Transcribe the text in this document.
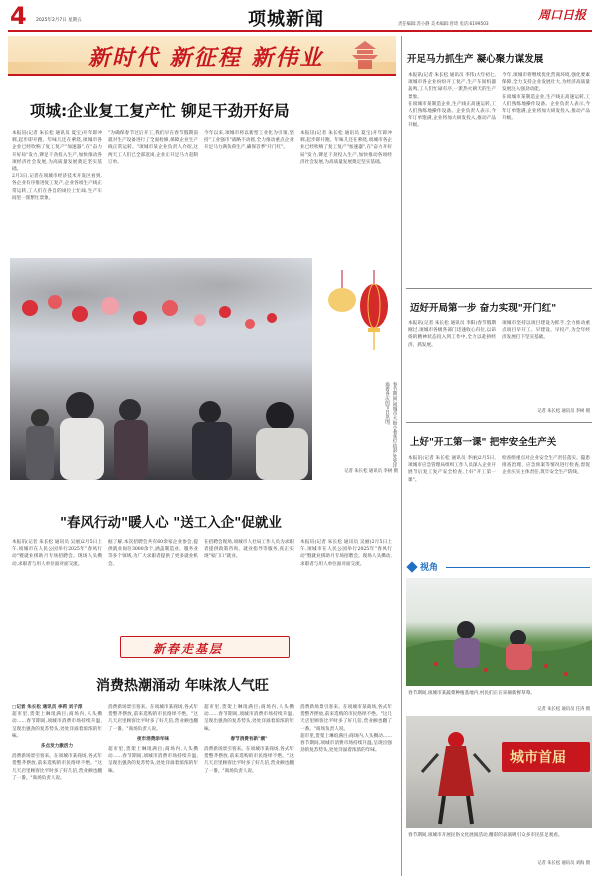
4 2025年2月7日 星期五	项城新闻	责任编辑:苏小静 美术编辑:曾琦 电话:6199503
周口日报
新时代 新征程 新伟业
项城:企业复工复产忙 铆足干劲开好局

本报讯(记者 朱长松 通讯员 夏宝)开年即冲刺,起步即开跑。年味儿还在萦绕,项城市各企业已经吹响了复工复产"加速器",在"奋力开好局"发力,铆足干劲投入生产,加快推动各项经济社会发展,为高质量发展奠定坚实基础。

2月3日,记者在项城市经济技术开发区看到,各企业有序推进复工复产,企业各项生产线正常运转,工人们在各自的岗位上忙碌,生产车间里一派繁忙景象。

"为确保春节过后开工,我们早在春节假期前就对生产设备进行了全面检修,保障企业生产线正常运转。"项城市某企业负责人介绍,这两天工人们已全部返岗,企业正开足马力赶制订单。

今年以来,项城市将以新型工业化为引领,坚持"工业强市"战略不动摇,全力推动重点企业开足马力满负荷生产,确保首季"开门红"。

本报讯(记者 朱长松 通讯员 夏宝)开年即冲刺,起步即开跑。年味儿还在萦绕,项城市各企业已经吹响了复工复产"加速器",在"奋力开好局"发力,铆足干劲投入生产,加快推动各项经济社会发展,为高质量发展奠定坚实基础。

春节期间,项城市大街小巷张灯结彩,处处洋溢着喜庆的节日氛围。
记者 朱长松 通讯员 李树 摄
"春风行动"暖人心 "送工入企"促就业

本报讯(记者 朱长松 通讯员 吴丽)2月5日上午,项城市在人民公园举行2025年"春风行动"暨就业援助月专场招聘会。现场人头攒动,求职者与用人单位面对面交流。

据了解,本次招聘会共有60余家企业参会,提供就业岗位3000余个,涵盖制造业、服务业等多个领域,为广大求职者提供了更多就业机会。

在招聘会现场,项城市人社局工作人员为求职者提供政策咨询、就业指导等服务,真正实现"家门口"就业。

本报讯(记者 朱长松 通讯员 吴丽)2月5日上午,项城市在人民公园举行2025年"春风行动"暨就业援助月专场招聘会。现场人头攒动,求职者与用人单位面对面交流。

新春走基层
消费热潮涌动 年味浓人气旺

□记者 朱长松 通讯员 李莉 刘子淳

超市里,货架上琳琅满目;商场内,人头攒动……春节期间,项城市消费市场持续升温,呈现出强劲的复苏势头,处处洋溢着浓浓的年味。

多点发力激活力

消费新场景引客来。在项城市某商场,各式年货整齐摆放,前来选购的市民络绎不绝。"这几天店里顾客比平时多了好几倍,营业额也翻了一番。"商场负责人说。

消费新场景引客来。在项城市某商场,各式年货整齐摆放,前来选购的市民络绎不绝。"这几天店里顾客比平时多了好几倍,营业额也翻了一番。"商场负责人说。

夜市消费添年味

超市里,货架上琳琅满目;商场内,人头攒动……春节期间,项城市消费市场持续升温,呈现出强劲的复苏势头,处处洋溢着浓浓的年味。

超市里,货架上琳琅满目;商场内,人头攒动……春节期间,项城市消费市场持续升温,呈现出强劲的复苏势头,处处洋溢着浓浓的年味。

春节消费有新"潮"

消费新场景引客来。在项城市某商场,各式年货整齐摆放,前来选购的市民络绎不绝。"这几天店里顾客比平时多了好几倍,营业额也翻了一番。"商场负责人说。

消费新场景引客来。在项城市某商场,各式年货整齐摆放,前来选购的市民络绎不绝。"这几天店里顾客比平时多了好几倍,营业额也翻了一番。"商场负责人说。

超市里,货架上琳琅满目;商场内,人头攒动……春节期间,项城市消费市场持续升温,呈现出强劲的复苏势头,处处洋溢着浓浓的年味。

开足马力抓生产 凝心聚力谋发展

本报讯(记者 朱长松 通讯员 李伟)大年初七,项城市各企业纷纷开工复产,生产车间机器轰鸣,工人们忙碌有序,一派热火朝天的生产景象。

在项城市某制造企业,生产线正高速运转,工人们熟练地操作设备。企业负责人表示,今年订单饱满,企业将加大研发投入,推动产品升级。

今年,项城市将继续优化营商环境,强化要素保障,全力支持企业发展壮大,为经济高质量发展注入强劲动能。

在项城市某制造企业,生产线正高速运转,工人们熟练地操作设备。企业负责人表示,今年订单饱满,企业将加大研发投入,推动产品升级。

迈好开局第一步 奋力实现"开门红"

本报讯(记者 朱长松 通讯员 李阳)春节假期刚过,项城市各级各部门迅速收心归位,以昂扬的精神状态投入到工作中,全力以赴拼经济、抓发展。

项城市坚持以项目建设为抓手,全力推动重点项目早开工、早建设、早投产,为全年经济发展打下坚实基础。

记者 朱长松 通讯员 李树 摄
上好"开工第一课" 把牢安全生产关

本报讯(记者 朱长松 通讯员 李丽)2月5日,项城市应急管理局组织工作人员深入企业开展节后复工复产安全检查,上好"开工第一课"。

检查组重点对企业安全生产责任落实、隐患排查治理、应急预案等情况进行检查,督促企业压实主体责任,筑牢安全生产防线。

视角
春节期间,项城市某蔬菜种植基地内,村民们正在采摘新鲜草莓。
记者 朱长松 通讯员 任涛 摄
城市首届
春节期间,项城市开展民俗文化展演活动,精彩的表演吸引众多市民驻足观看。
记者 朱长松 通讯员 刘海 摄
